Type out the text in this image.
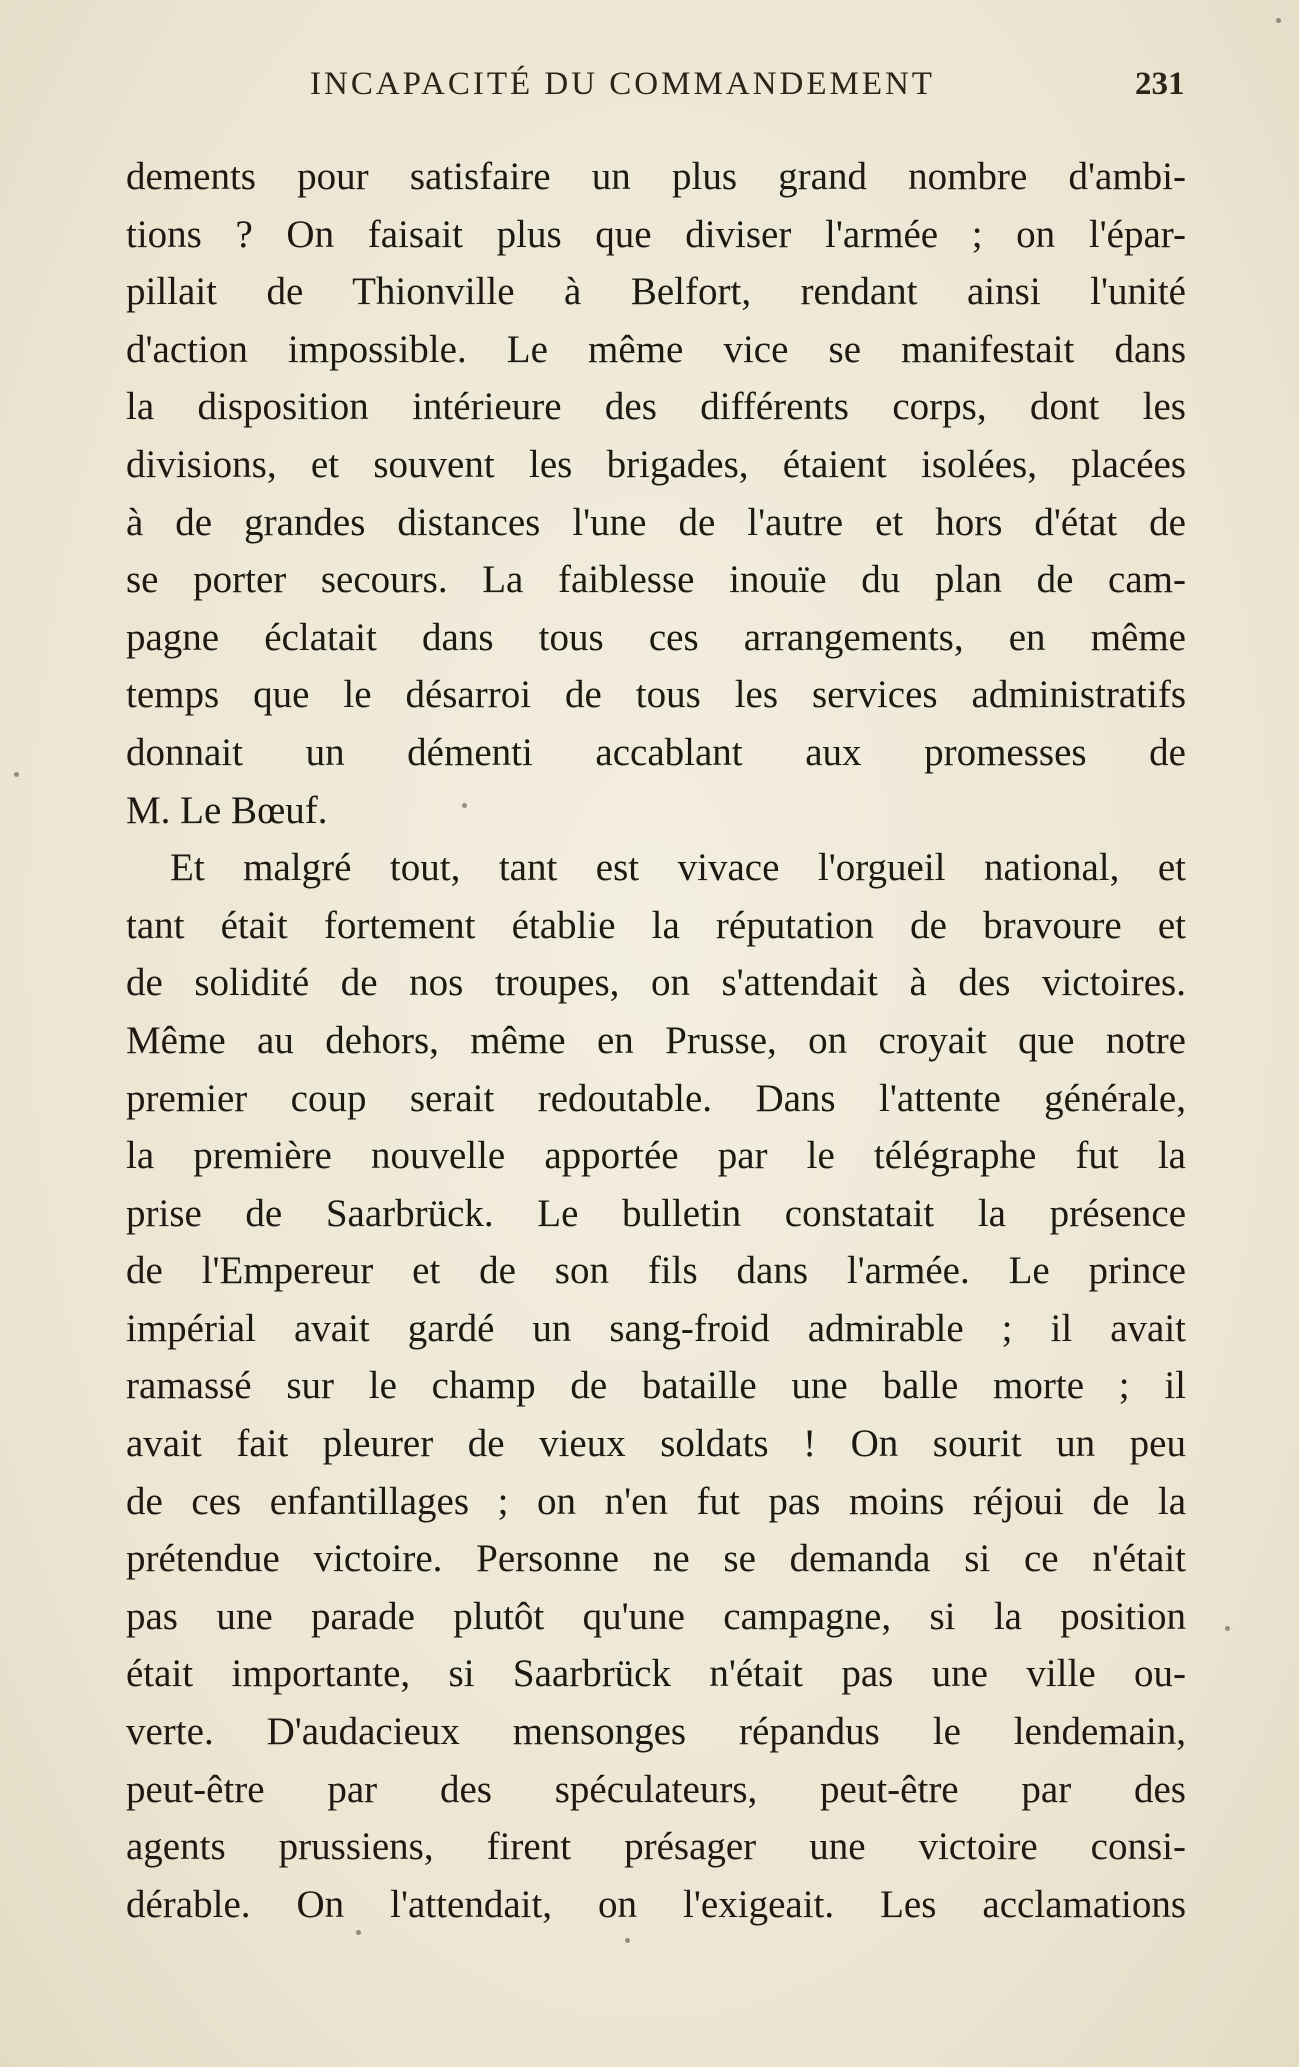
INCAPACITÉ DU COMMANDEMENT	231
dements pour satisfaire un plus grand nombre d'ambi-
tions ? On faisait plus que diviser l'armée ; on l'épar-
pillait de Thionville à Belfort, rendant ainsi l'unité
d'action impossible. Le même vice se manifestait dans
la disposition intérieure des différents corps, dont les
divisions, et souvent les brigades, étaient isolées, placées
à de grandes distances l'une de l'autre et hors d'état de
se porter secours. La faiblesse inouïe du plan de cam-
pagne éclatait dans tous ces arrangements, en même
temps que le désarroi de tous les services administratifs
donnait un démenti accablant aux promesses de
M. Le Bœuf.
Et malgré tout, tant est vivace l'orgueil national, et
tant était fortement établie la réputation de bravoure et
de solidité de nos troupes, on s'attendait à des victoires.
Même au dehors, même en Prusse, on croyait que notre
premier coup serait redoutable. Dans l'attente générale,
la première nouvelle apportée par le télégraphe fut la
prise de Saarbrück. Le bulletin constatait la présence
de l'Empereur et de son fils dans l'armée. Le prince
impérial avait gardé un sang-froid admirable ; il avait
ramassé sur le champ de bataille une balle morte ; il
avait fait pleurer de vieux soldats ! On sourit un peu
de ces enfantillages ; on n'en fut pas moins réjoui de la
prétendue victoire. Personne ne se demanda si ce n'était
pas une parade plutôt qu'une campagne, si la position
était importante, si Saarbrück n'était pas une ville ou-
verte. D'audacieux mensonges répandus le lendemain,
peut-être par des spéculateurs, peut-être par des
agents prussiens, firent présager une victoire consi-
dérable. On l'attendait, on l'exigeait. Les acclamations
